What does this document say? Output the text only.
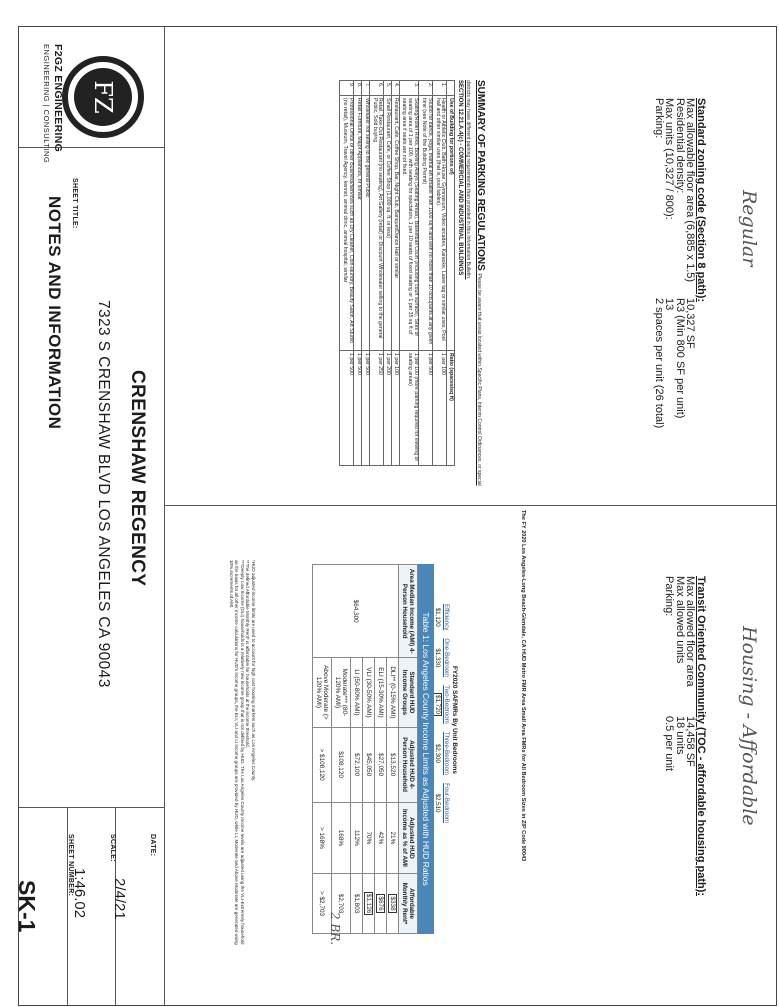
F2GZ ENGINEERING
ENGINEERING | CONSULTING FZ
SHEET TITLE:
NOTES AND INFORMATION
CRENSHAW REGENCY
7323 S CRENSHAW BLVD LOS ANGELES CA 90043
DATE:
2/4/21
SCALE:
1:46.02
SHEET NUMBER:
SK-1
Regular
Standard zoning code (Section 8 path):
Max allowable floor area (6,885 x 1.5)
10,327 SF
Residential density:
R3 (Min 800 SF per unit)
Max units (10,327 / 800):
13
Parking:
2 spaces per unit (26 total)
SUMMARY OF PARKING REGULATIONS Please be aware that areas located within Specific Plans, Interim Control Ordinances, or special districts may have different parking requirements than provided in this Information Bulletin.
SECTION 12.21.A.4(c) - COMMERCIAL AND INDUSTRIAL BUILDINGS
	Use of Building for portions of)	Ratio (spaces/sq ft)
1.	Health or Athletic Club, Bath House, Gymnasium, Video arcades, Karaoke, Laser tag or similar uses, Pool hall and other similar uses (that is, pool tables).	1 per 100
2.	Studio for dance, yoga, martial art smaller than 1000 sq ft and with no more than 10 occupants at any given time (see Note of the Building Permit)	1 per 500
3.	Skating/Roller Rinks, Bowling Alleys (Seating Areas), Basketball Court (including court surface), Sites or seating area of 1 per 100, with seating for spectators, 1 per 10 seats of fixed seating or 1 per 35 sq ft of seating area if seats are not fixed.	1 per 100 (more parking required for viewing or seating areas)
4.	Restaurant, Cafe, Coffee Shop, Bar, Night Club, Banquet/Dance Hall or similar	1 per 100
5.	Small Restaurant, Cafe, or Coffee Shop (1,000 sq. ft. or less)	1 per 200
6.	Retail, Take-Out Restaurant (no seating), Art Gallery (retail) or Discount Wholesaler selling to the general Public, Sold buying	1 per 250
7.	Wholesaler not selling to the general Public	1 per 500
8.	Retail Furniture, Major Appliances, or similar	1 per 500
9.	Professional Office or other Business/services such as Dry Cleaner, Coin-laundry, Beauty Salon, Art Studio (no retail), Museum, Travel Agency, kennel, animal clinic, animal hospital, similar	1 per 500
Housing - Affordable
Transit Oriented Community (TOC - affordable housing path):
Max allowed floor area
14,458 SF
Max allowed units
18 units
Parking:
0.5 per unit
The FY 2020 Los Angeles-Long Beach-Glendale, CA HUD Metro FMR Area Small Area FMRs for All Bedroom Sizes in ZIP Code 90043
FY2020 SAFMRs By Unit Bedrooms
Efficiency	One-Bedroom	Two-Bedroom	Three-Bedroom	Four-Bedroom
$1,120	$1,330	$1,720	$2,300	$2,510
Table 1: Los Angeles County Income Limits as Adjusted with HUD Ratios
Area Median Income (AMI) 4-Person Household	Standard HUD Income Groups	Adjusted HUD 4-Person Household	Adjusted HUD Income as % of AMI	Affordable Monthly Rent*
$64,300	DLI** (0-15% AMI)	$13,520	21%	$338
	ELI (15-30% AMI)	$27,050	42%	$676
	VLI (30-50% AMI)	$45,050	70%	$1,126
	LI (50-80% AMI)	$72,100	112%	$1,803
	Moderate*** (80-120% AMI)	$108,120	168%	$2,703
	Above Moderate (> 120% AMI)	> $108,120	> 168%	> $2,703
2 BR.
*HUD adjusted income limits are used to account for high cost housing markets such as Los Angeles County.
**The defined Affordable Monthly Rent* is affordable for households at the income threshold.
***Deeply Low Income (DLI) households is a relatively new income group that is not defined by HUD. The Los Angeles County Income levels are adjusted using the VLI-Extremely household as the basis for all other income calculations for HUD's income groups, the ELI, VLI and LI income groups are provided by HUD, while LI, Moderate and Above Moderate are generated using 10% increments of AMI.
